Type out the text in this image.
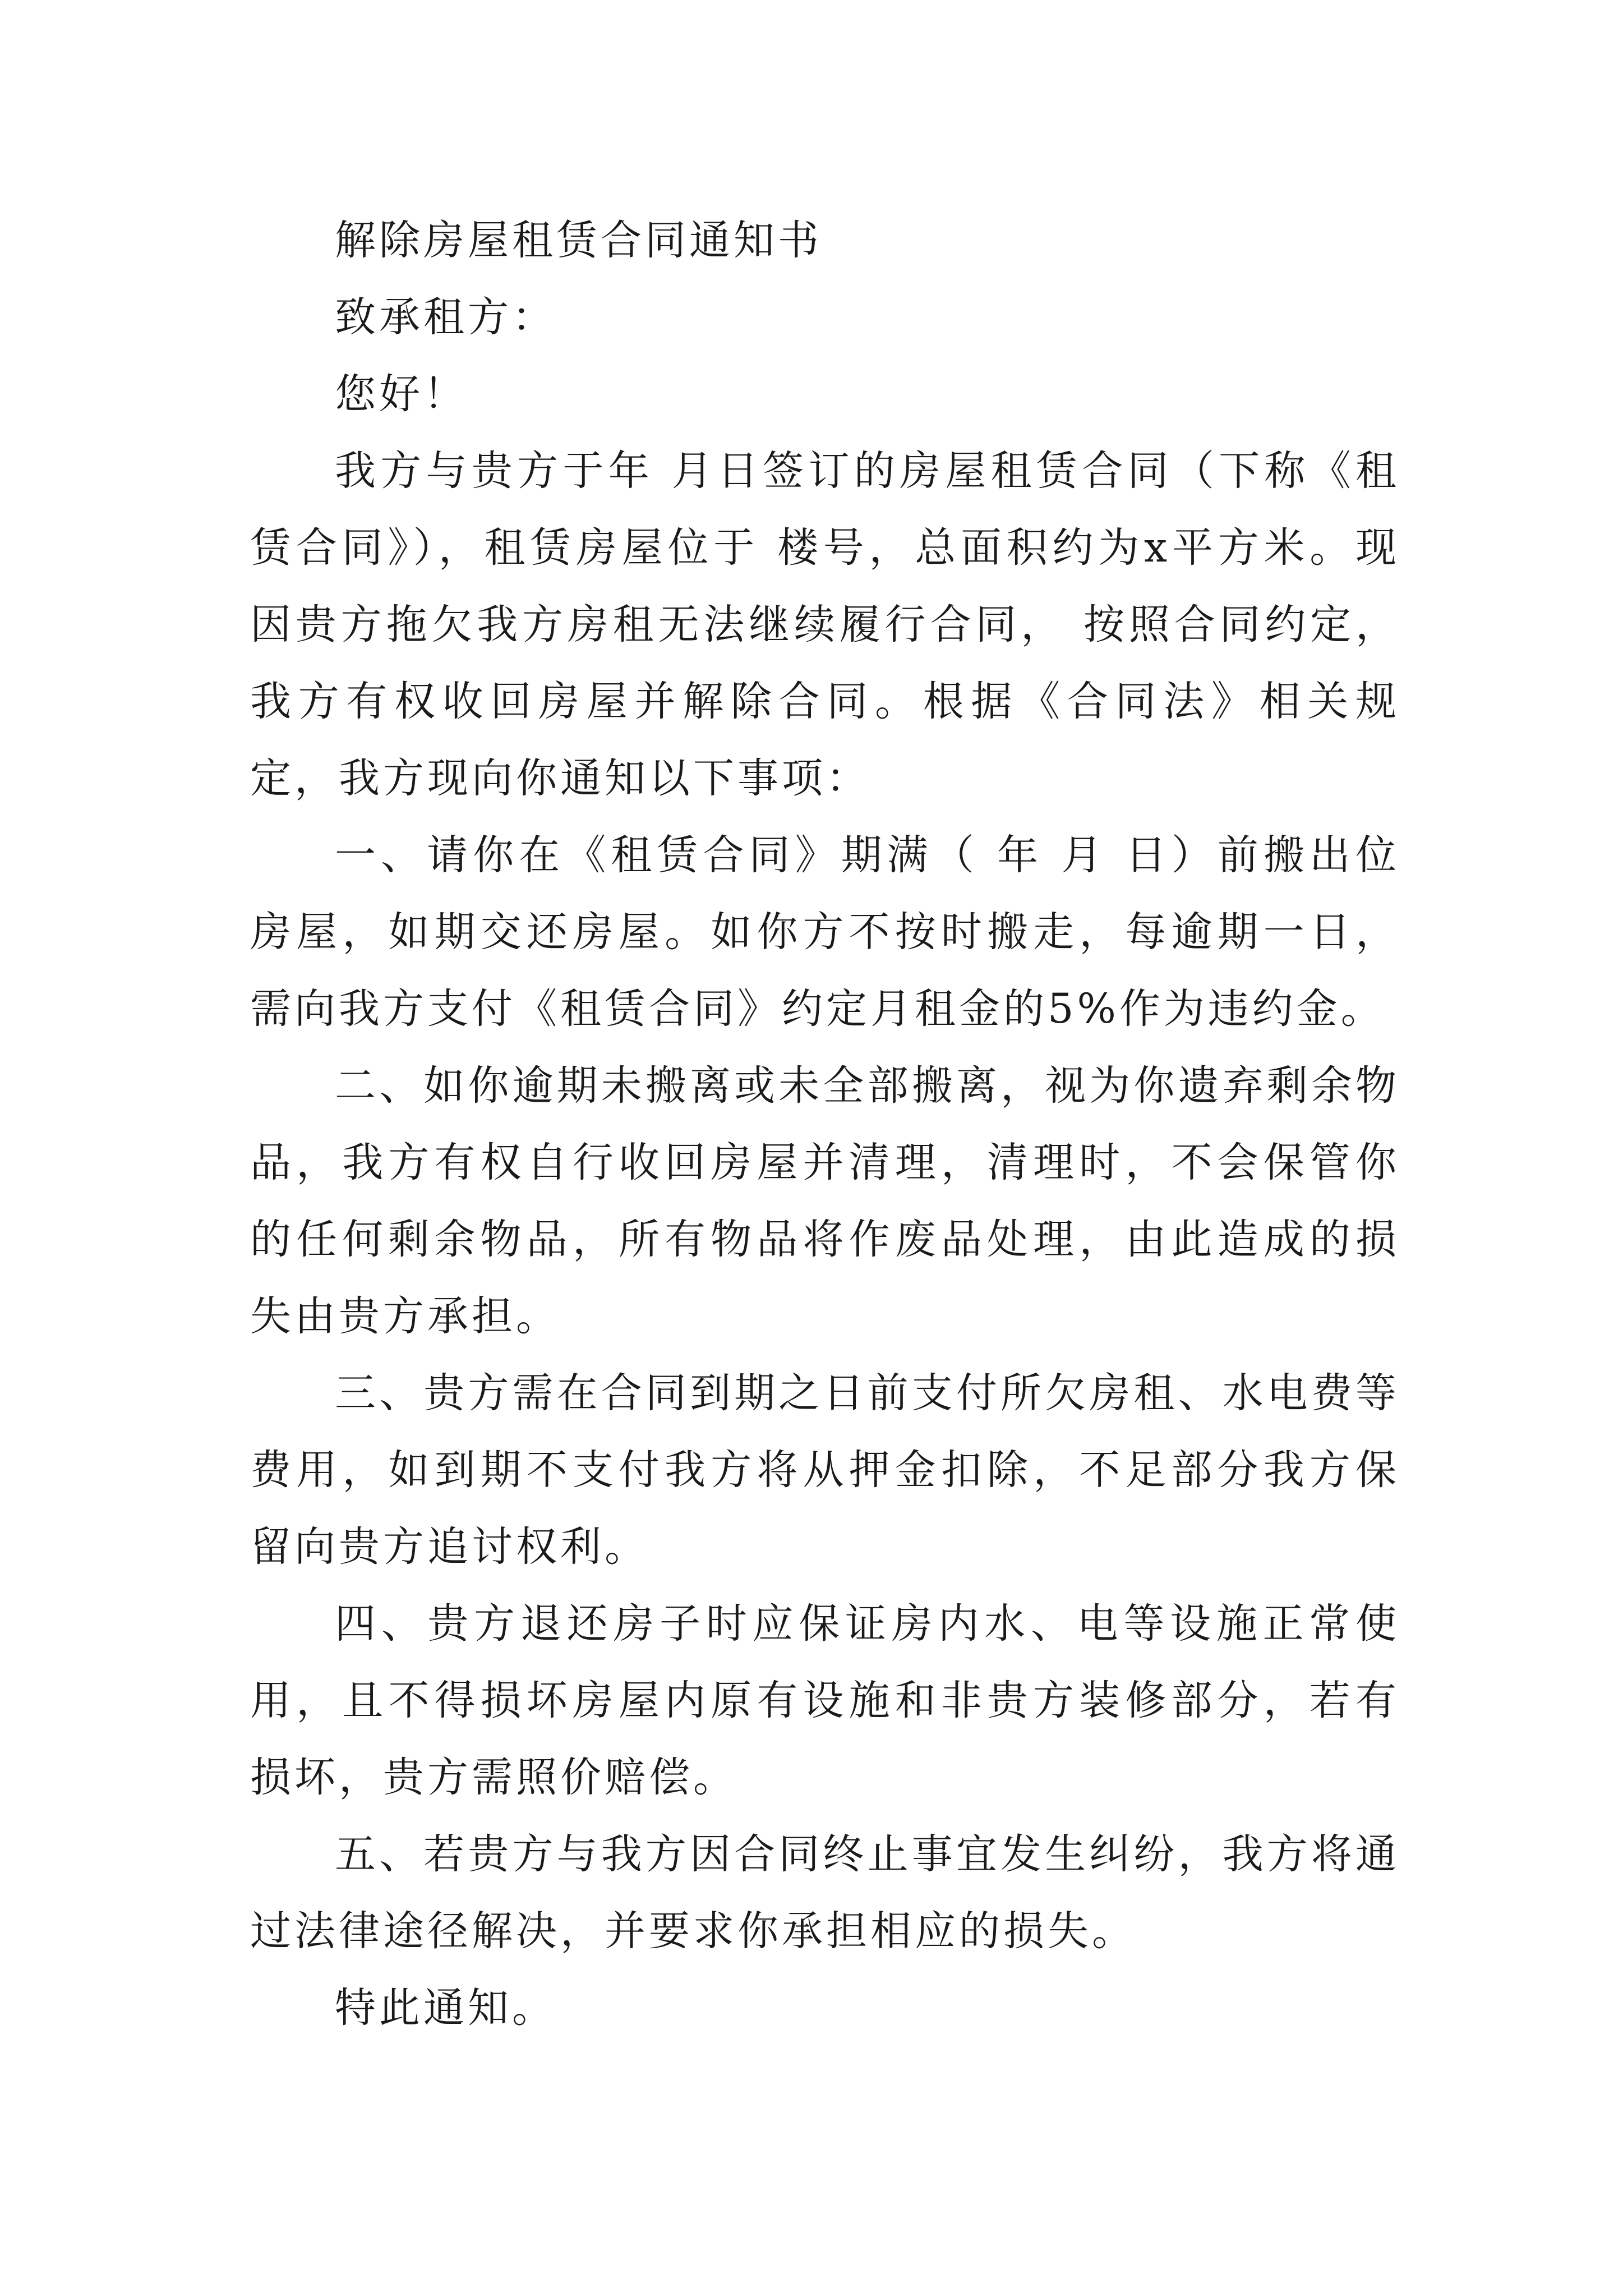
解除房屋租赁合同通知书

致承租方：

您好！

我方与贵方于年 月日签订的房屋租赁合同（下称《租赁合同》），租赁房屋位于 楼号，总面积约为x平方米。现因贵方拖欠我方房租无法继续履行合同， 按照合同约定，我方有权收回房屋并解除合同。根据《合同法》相关规定，我方现向你通知以下事项：

一、请你在《租赁合同》期满（ 年 月 日）前搬出位房屋，如期交还房屋。如你方不按时搬走，每逾期一日，需向我方支付《租赁合同》约定月租金的5%作为违约金。

二、如你逾期未搬离或未全部搬离，视为你遗弃剩余物品，我方有权自行收回房屋并清理，清理时，不会保管你的任何剩余物品，所有物品将作废品处理，由此造成的损失由贵方承担。

三、贵方需在合同到期之日前支付所欠房租、水电费等费用，如到期不支付我方将从押金扣除，不足部分我方保留向贵方追讨权利。

四、贵方退还房子时应保证房内水、电等设施正常使用，且不得损坏房屋内原有设施和非贵方装修部分，若有损坏，贵方需照价赔偿。

五、若贵方与我方因合同终止事宜发生纠纷，我方将通过法律途径解决，并要求你承担相应的损失。

特此通知。
